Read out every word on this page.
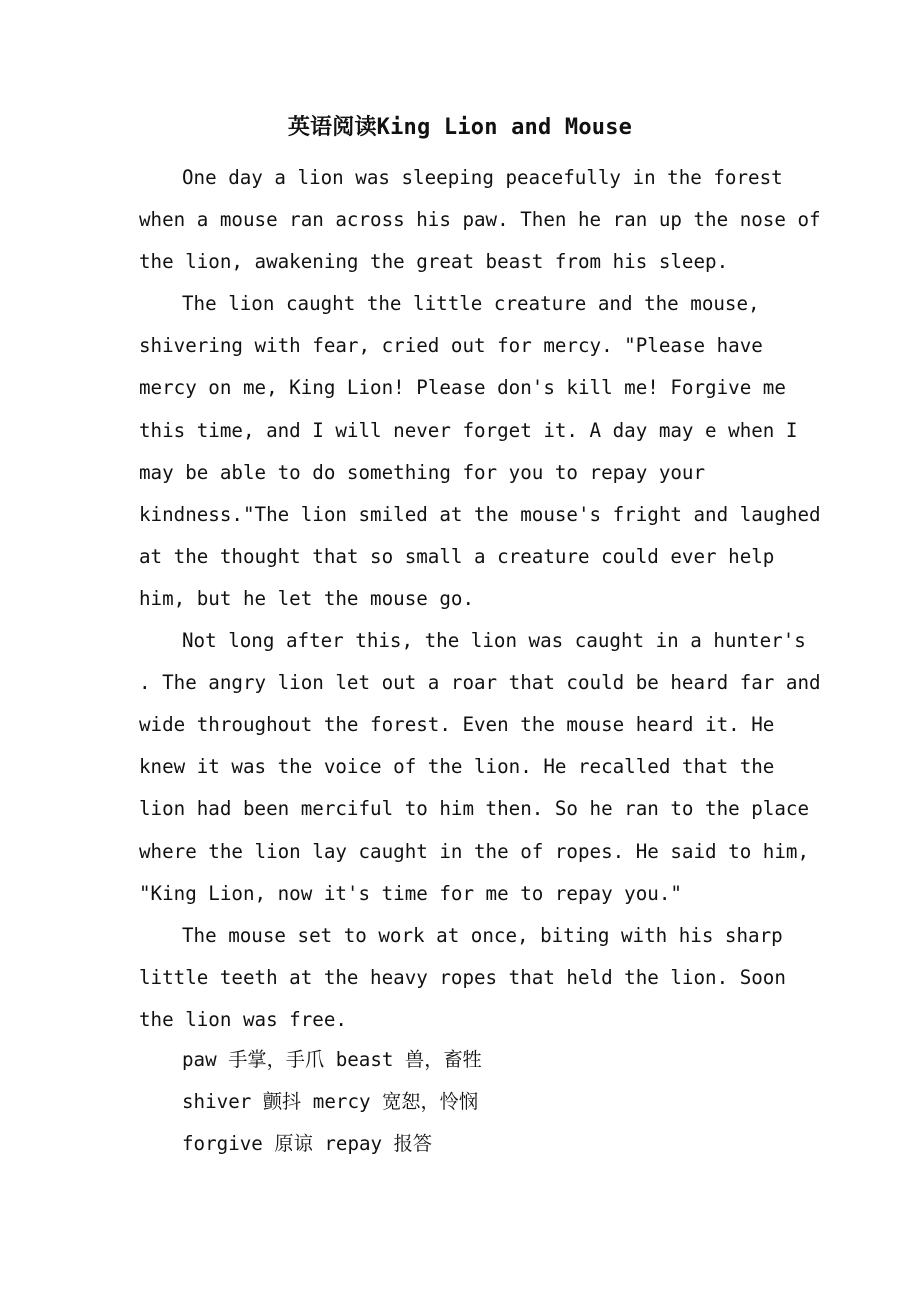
英语阅读King Lion and Mouse

One day a lion was sleeping peacefully in the forest
when a mouse ran across his paw. Then he ran up the nose of
the lion, awakening the great beast from his sleep.

The lion caught the little creature and the mouse,
shivering with fear, cried out for mercy. "Please have
mercy on me, King Lion! Please don's kill me! Forgive me
this time, and I will never forget it. A day may e when I
may be able to do something for you to repay your
kindness."The lion smiled at the mouse's fright and laughed
at the thought that so small a creature could ever help
him, but he let the mouse go.

Not long after this, the lion was caught in a hunter's
. The angry lion let out a roar that could be heard far and
wide throughout the forest. Even the mouse heard it. He
knew it was the voice of the lion. He recalled that the
lion had been merciful to him then. So he ran to the place
where the lion lay caught in the of ropes. He said to him,
"King Lion, now it's time for me to repay you."

The mouse set to work at once, biting with his sharp
little teeth at the heavy ropes that held the lion. Soon
the lion was free.

paw 手掌，手爪 beast 兽，畜牲

shiver 颤抖 mercy 宽恕，怜悯

forgive 原谅 repay 报答
